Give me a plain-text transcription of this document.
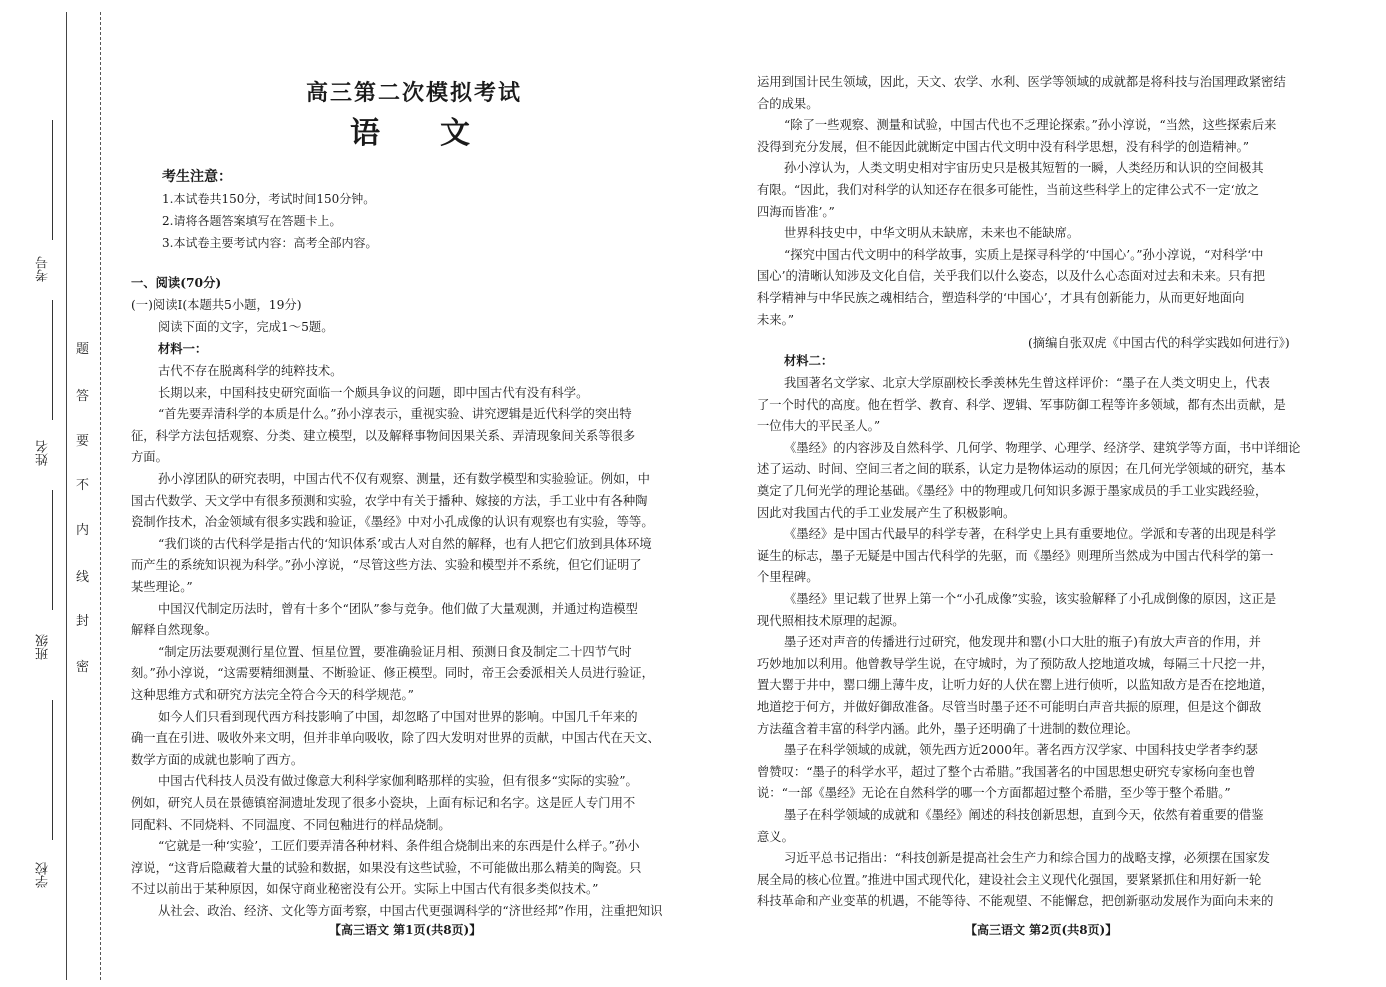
考号
姓名
班级
学校
题
答
要
不
内
线
封
密
高三第二次模拟考试
语文
考生注意：
1.本试卷共150分，考试时间150分钟。
2.请将各题答案填写在答题卡上。
3.本试卷主要考试内容：高考全部内容。
一、阅读(70分)
(一)阅读Ⅰ(本题共5小题，19分)
阅读下面的文字，完成1～5题。
材料一：
古代不存在脱离科学的纯粹技术。
长期以来，中国科技史研究面临一个颇具争议的问题，即中国古代有没有科学。
“首先要弄清科学的本质是什么。”孙小淳表示，重视实验、讲究逻辑是近代科学的突出特
征，科学方法包括观察、分类、建立模型，以及解释事物间因果关系、弄清现象间关系等很多
方面。
孙小淳团队的研究表明，中国古代不仅有观察、测量，还有数学模型和实验验证。例如，中
国古代数学、天文学中有很多预测和实验，农学中有关于播种、嫁接的方法，手工业中有各种陶
瓷制作技术，冶金领域有很多实践和验证，《墨经》中对小孔成像的认识有观察也有实验，等等。
“我们谈的古代科学是指古代的‘知识体系’或古人对自然的解释，也有人把它们放到具体环境
而产生的系统知识视为科学。”孙小淳说，“尽管这些方法、实验和模型并不系统，但它们证明了
某些理论。”
中国汉代制定历法时，曾有十多个“团队”参与竞争。他们做了大量观测，并通过构造模型
解释自然现象。
“制定历法要观测行星位置、恒星位置，要准确验证月相、预测日食及制定二十四节气时
刻。”孙小淳说，“这需要精细测量、不断验证、修正模型。同时，帝王会委派相关人员进行验证，
这种思维方式和研究方法完全符合今天的科学规范。”
如今人们只看到现代西方科技影响了中国，却忽略了中国对世界的影响。中国几千年来的
确一直在引进、吸收外来文明，但并非单向吸收，除了四大发明对世界的贡献，中国古代在天文、
数学方面的成就也影响了西方。
中国古代科技人员没有做过像意大利科学家伽利略那样的实验，但有很多“实际的实验”。
例如，研究人员在景德镇窑洞遗址发现了很多小瓷块，上面有标记和名字。这是匠人专门用不
同配料、不同烧料、不同温度、不同包釉进行的样品烧制。
“它就是一种‘实验’，工匠们要弄清各种材料、条件组合烧制出来的东西是什么样子。”孙小
淳说，“这背后隐藏着大量的试验和数据，如果没有这些试验，不可能做出那么精美的陶瓷。只
不过以前出于某种原因，如保守商业秘密没有公开。实际上中国古代有很多类似技术。”
从社会、政治、经济、文化等方面考察，中国古代更强调科学的“济世经邦”作用，注重把知识
【高三语文 第1页(共8页)】
运用到国计民生领域，因此，天文、农学、水利、医学等领域的成就都是将科技与治国理政紧密结
合的成果。
“除了一些观察、测量和试验，中国古代也不乏理论探索。”孙小淳说，“当然，这些探索后来
没得到充分发展，但不能因此就断定中国古代文明中没有科学思想，没有科学的创造精神。”
孙小淳认为，人类文明史相对宇宙历史只是极其短暂的一瞬，人类经历和认识的空间极其
有限。“因此，我们对科学的认知还存在很多可能性，当前这些科学上的定律公式不一定‘放之
四海而皆准’。”
世界科技史中，中华文明从未缺席，未来也不能缺席。
“探究中国古代文明中的科学故事，实质上是探寻科学的‘中国心’。”孙小淳说，“对科学‘中
国心’的清晰认知涉及文化自信，关乎我们以什么姿态，以及什么心态面对过去和未来。只有把
科学精神与中华民族之魂相结合，塑造科学的‘中国心’，才具有创新能力，从而更好地面向
未来。”
(摘编自张双虎《中国古代的科学实践如何进行》)
材料二：
我国著名文学家、北京大学原副校长季羡林先生曾这样评价：“墨子在人类文明史上，代表
了一个时代的高度。他在哲学、教育、科学、逻辑、军事防御工程等许多领域，都有杰出贡献，是
一位伟大的平民圣人。”
《墨经》的内容涉及自然科学、几何学、物理学、心理学、经济学、建筑学等方面，书中详细论
述了运动、时间、空间三者之间的联系，认定力是物体运动的原因；在几何光学领域的研究，基本
奠定了几何光学的理论基础。《墨经》中的物理或几何知识多源于墨家成员的手工业实践经验，
因此对我国古代的手工业发展产生了积极影响。
《墨经》是中国古代最早的科学专著，在科学史上具有重要地位。学派和专著的出现是科学
诞生的标志，墨子无疑是中国古代科学的先驱，而《墨经》则理所当然成为中国古代科学的第一
个里程碑。
《墨经》里记载了世界上第一个“小孔成像”实验，该实验解释了小孔成倒像的原因，这正是
现代照相技术原理的起源。
墨子还对声音的传播进行过研究，他发现井和罂(小口大肚的瓶子)有放大声音的作用，并
巧妙地加以利用。他曾教导学生说，在守城时，为了预防敌人挖地道攻城，每隔三十尺挖一井，
置大罂于井中，罂口绷上薄牛皮，让听力好的人伏在罂上进行侦听，以监知敌方是否在挖地道，
地道挖于何方，并做好御敌准备。尽管当时墨子还不可能明白声音共振的原理，但是这个御敌
方法蕴含着丰富的科学内涵。此外，墨子还明确了十进制的数位理论。
墨子在科学领域的成就，领先西方近2000年。著名西方汉学家、中国科技史学者李约瑟
曾赞叹：“墨子的科学水平，超过了整个古希腊。”我国著名的中国思想史研究专家杨向奎也曾
说：“一部《墨经》无论在自然科学的哪一个方面都超过整个希腊，至少等于整个希腊。”
墨子在科学领域的成就和《墨经》阐述的科技创新思想，直到今天，依然有着重要的借鉴
意义。
习近平总书记指出：“科技创新是提高社会生产力和综合国力的战略支撑，必须摆在国家发
展全局的核心位置。”推进中国式现代化，建设社会主义现代化强国，要紧紧抓住和用好新一轮
科技革命和产业变革的机遇，不能等待、不能观望、不能懈怠，把创新驱动发展作为面向未来的
【高三语文 第2页(共8页)】
